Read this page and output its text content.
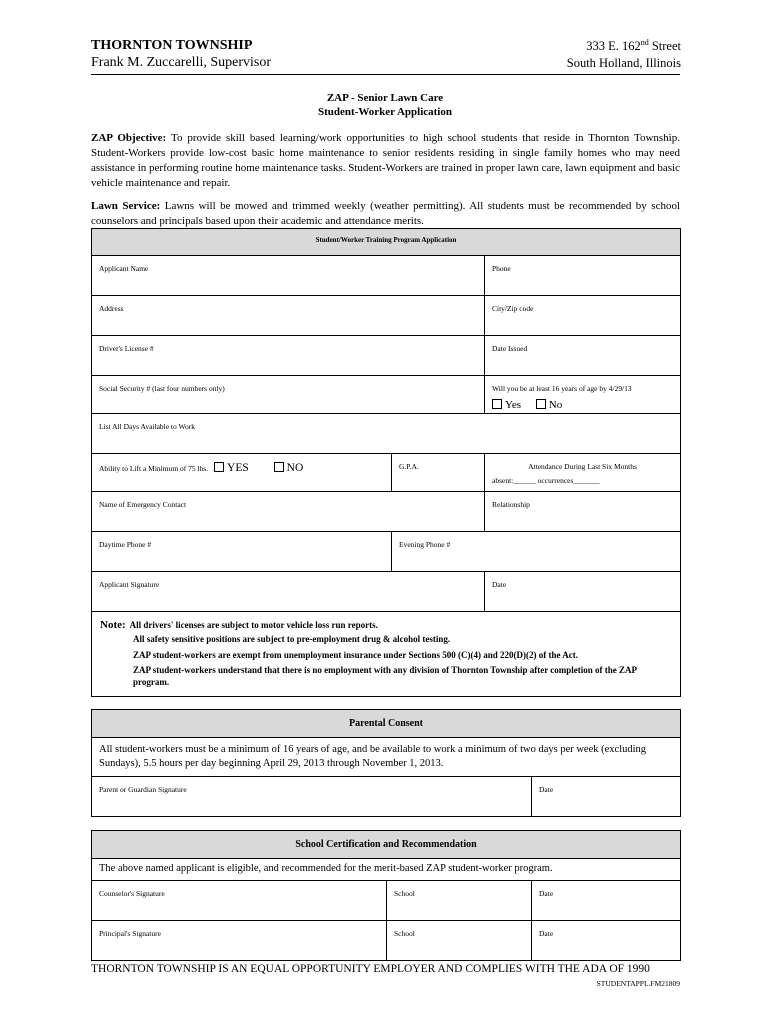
THORNTON TOWNSHIP
Frank M. Zuccarelli, Supervisor
333 E. 162nd Street
South Holland, Illinois
ZAP - Senior Lawn Care
Student-Worker Application
ZAP Objective: To provide skill based learning/work opportunities to high school students that reside in Thornton Township. Student-Workers provide low-cost basic home maintenance to senior residents residing in single family homes who may need assistance in performing routine home maintenance tasks. Student-Workers are trained in proper lawn care, lawn equipment and basic vehicle maintenance and repair.
Lawn Service: Lawns will be mowed and trimmed weekly (weather permitting). All students must be recommended by school counselors and principals based upon their academic and attendance merits.
Student/Worker Training Program Application		
Applicant Name		Phone
Address		City/Zip code
Driver's License #		Date Issued
Social Security # (last four numbers only)		Will you be at least 16 years of age by 4/29/13
Yes No

List All Days Available to Work		
Ability to Lift a Minimum of 75 lbs. YES NO	G.P.A.	Attendance During Last Six Months
absent:______ occurrences_______

Name of Emergency Contact		Relationship
Daytime Phone #	Evening Phone #	
Applicant Signature		Date

Note: All drivers' licenses are subject to motor vehicle loss run reports.
All safety sensitive positions are subject to pre-employment drug & alcohol testing.
ZAP student-workers are exempt from unemployment insurance under Sections 500 (C)(4) and 220(D)(2) of the Act.
ZAP student-workers understand that there is no employment with any division of Thornton Township after completion of the ZAP program.		
Parental Consent
All student-workers must be a minimum of 16 years of age, and be available to work a minimum of two days per week (excluding Sundays), 5.5 hours per day beginning April 29, 2013 through November 1, 2013.
Parent or Guardian Signature	Date
School Certification and Recommendation		
The above named applicant is eligible, and recommended for the merit-based ZAP student-worker program.		
Counselor's Signature	School	Date
Principal's Signature	School	Date
THORNTON TOWNSHIP IS AN EQUAL OPPORTUNITY EMPLOYER AND COMPLIES WITH THE ADA OF 1990
STUDENTAPPL.FM21809
